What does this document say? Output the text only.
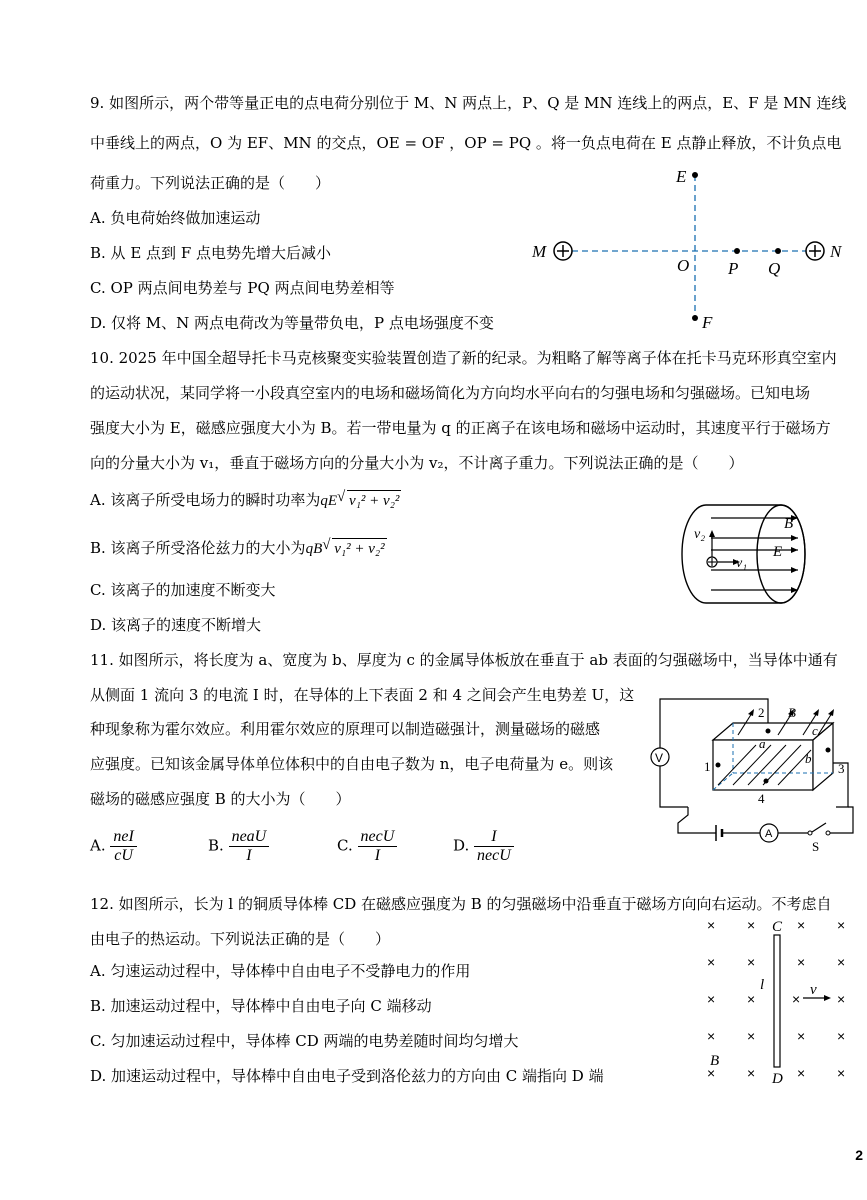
9. 如图所示，两个带等量正电的点电荷分别位于 M、N 两点上，P、Q 是 MN 连线上的两点，E、F 是 MN 连线
中垂线上的两点，O 为 EF、MN 的交点，OE = OF ，OP = PQ 。将一负点电荷在 E 点静止释放，不计负点电
荷重力。下列说法正确的是（　　）
A. 负电荷始终做加速运动
B. 从 E 点到 F 点电势先增大后减小
C. OP 两点间电势差与 PQ 两点间电势差相等
D. 仅将 M、N 两点电荷改为等量带负电，P 点电场强度不变
E
F
M	N
O P Q
10. 2025 年中国全超导托卡马克核聚变实验装置创造了新的纪录。为粗略了解等离子体在托卡马克环形真空室内
的运动状况，某同学将一小段真空室内的电场和磁场简化为方向均水平向右的匀强电场和匀强磁场。已知电场
强度大小为 E，磁感应强度大小为 B。若一带电量为 q 的正离子在该电场和磁场中运动时，其速度平行于磁场方
向的分量大小为 v₁，垂直于磁场方向的分量大小为 v₂，不计离子重力。下列说法正确的是（　　）
A. 该离子所受电场力的瞬时功率为qE √ v₁² + v₂²
B. 该离子所受洛伦兹力的大小为qB √ v₁² + v₂²
C. 该离子的加速度不断变大
D. 该离子的速度不断增大
v₂
v₁
B
E
11. 如图所示，将长度为 a、宽度为 b、厚度为 c 的金属导体板放在垂直于 ab 表面的匀强磁场中，当导体中通有
从侧面 1 流向 3 的电流 I 时，在导体的上下表面 2 和 4 之间会产生电势差 U，这
种现象称为霍尔效应。利用霍尔效应的原理可以制造磁强计，测量磁场的磁感
应强度。已知该金属导体单位体积中的自由电子数为 n，电子电荷量为 e。则该
磁场的磁感应强度 B 的大小为（　　）
A. $\frac{\text{neI}}{cU}$	B. $\frac{\text{neaU}}{I}$	C. $\frac{\text{necU}}{I}$	D. $\frac{I}{\text{necU}}$
V
A
2 B
a
c
b
1	3
4
S
12. 如图所示，长为 l 的铜质导体棒 CD 在磁感应强度为 B 的匀强磁场中沿垂直于磁场方向向右运动。不考虑自
由电子的热运动。下列说法正确的是（　　）
A. 匀速运动过程中，导体棒中自由电子不受静电力的作用
B. 加速运动过程中，导体棒中自由电子向 C 端移动
C. 匀加速运动过程中，导体棒 CD 两端的电势差随时间均匀增大
D. 加速运动过程中，导体棒中自由电子受到洛伦兹力的方向由 C 端指向 D 端
× ×	× ×
× ×	× ×
× ×	×	×
× ×	× ×
× ×	× ×
C
D
l	v
B
2
